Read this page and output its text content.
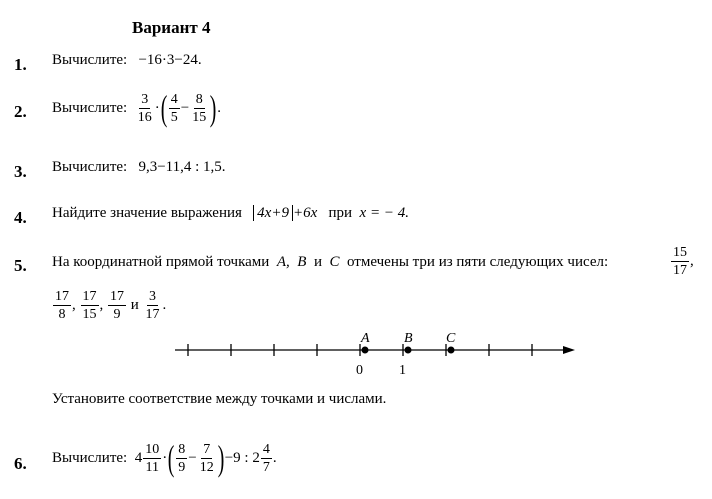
Вариант 4
1. Вычислите: −16·3−24.
2. Вычислите:
$\frac{3}{16}$ · ( $\frac{4}{5} - \frac{8}{15}$ ) .
3. Вычислите: 9,3−11,4 : 1,5.
4. Найдите значение выражения 4x+9 +6x при x = − 4.
5. На координатной прямой точками A, B и C отмечены три из пяти следующих чисел:	$\frac{15}{17}$ ,
$\frac{17}{8}$ , $\frac{17}{15}$ , $\frac{17}{9}$
и
$\frac{3}{17}$ .
A B C
0	1
Установите соответствие между точками и числами.
6. Вычислите:
$4 \frac{10}{11}$ · ( $\frac{8}{9} - \frac{7}{12}$ ) −9 : $2 \frac{4}{7}$ .
